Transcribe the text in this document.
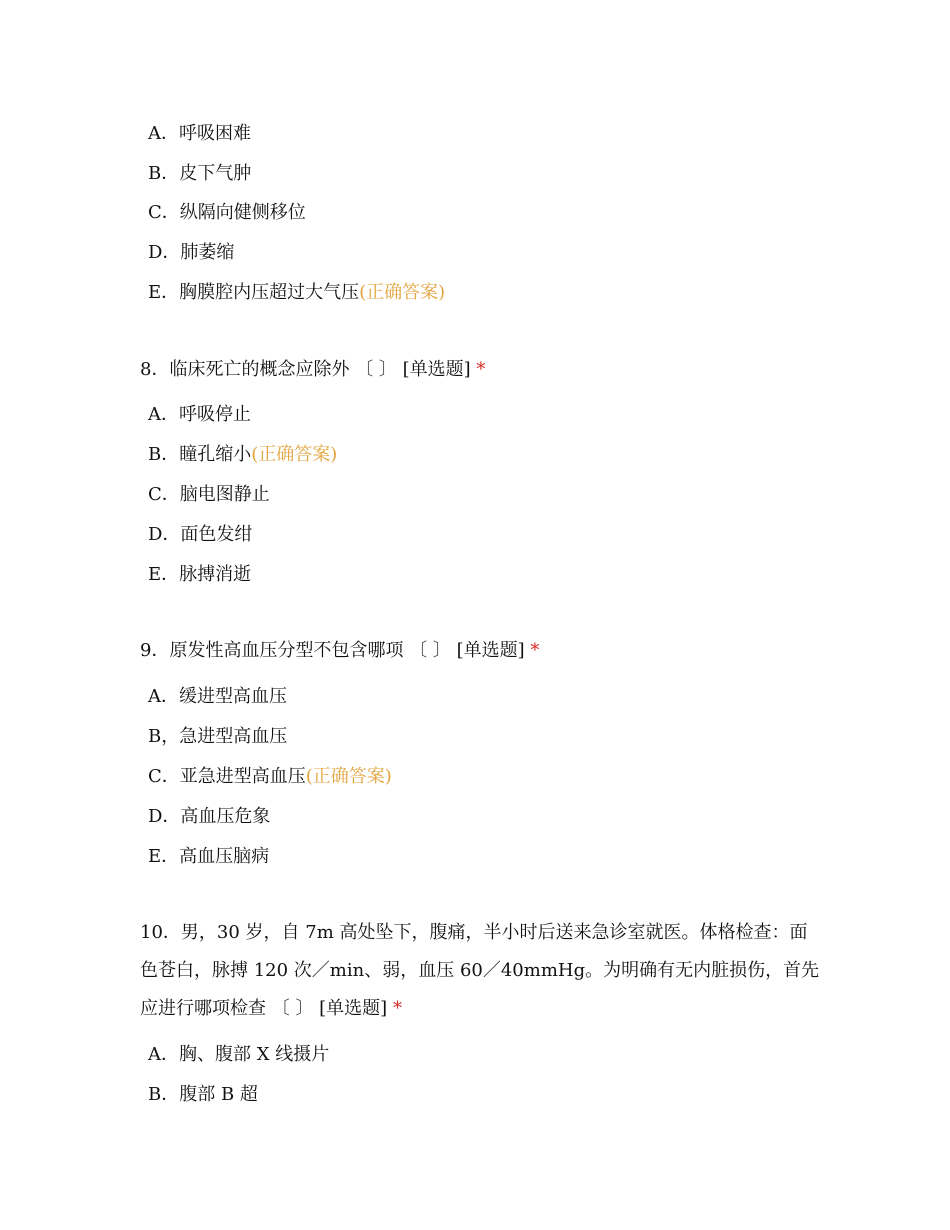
A．呼吸困难
B．皮下气肿
C．纵隔向健侧移位
D．肺萎缩
E．胸膜腔内压超过大气压(正确答案)
8．临床死亡的概念应除外 〔 〕 [单选题] *
A．呼吸停止
B．瞳孔缩小(正确答案)
C．脑电图静止
D．面色发绀
E．脉搏消逝
9．原发性高血压分型不包含哪项 〔 〕 [单选题] *
A．缓进型高血压
B，急进型高血压
C．亚急进型高血压(正确答案)
D．高血压危象
E．高血压脑病
10．男，30 岁，自 7m 高处坠下，腹痛，半小时后送来急诊室就医。体格检查：面
色苍白，脉搏 120 次／min、弱，血压 60／40mmHg。为明确有无内脏损伤，首先
应进行哪项检查 〔 〕 [单选题] *
A．胸、腹部 X 线摄片
B．腹部 B 超
